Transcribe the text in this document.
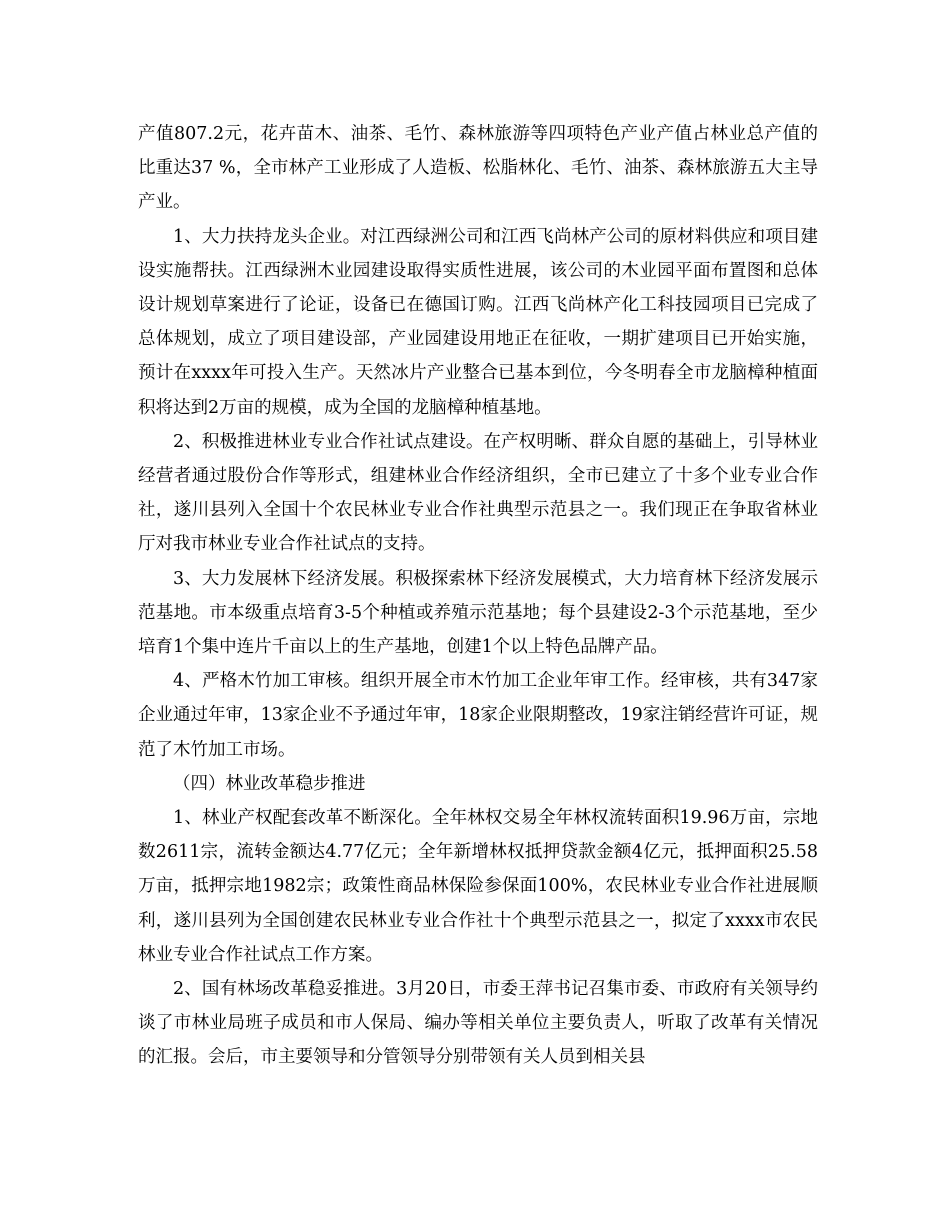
产值807.2元，花卉苗木、油茶、毛竹、森林旅游等四项特色产业产值占林业总产值的比重达37 %，全市林产工业形成了人造板、松脂林化、毛竹、油茶、森林旅游五大主导产业。

1、大力扶持龙头企业。对江西绿洲公司和江西飞尚林产公司的原材料供应和项目建设实施帮扶。江西绿洲木业园建设取得实质性进展，该公司的木业园平面布置图和总体设计规划草案进行了论证，设备已在德国订购。江西飞尚林产化工科技园项目已完成了总体规划，成立了项目建设部，产业园建设用地正在征收，一期扩建项目已开始实施，预计在xxxx年可投入生产。天然冰片产业整合已基本到位，今冬明春全市龙脑樟种植面积将达到2万亩的规模，成为全国的龙脑樟种植基地。

2、积极推进林业专业合作社试点建设。在产权明晰、群众自愿的基础上，引导林业经营者通过股份合作等形式，组建林业合作经济组织，全市已建立了十多个业专业合作社，遂川县列入全国十个农民林业专业合作社典型示范县之一。我们现正在争取省林业厅对我市林业专业合作社试点的支持。

3、大力发展林下经济发展。积极探索林下经济发展模式，大力培育林下经济发展示范基地。市本级重点培育3-5个种植或养殖示范基地；每个县建设2-3个示范基地，至少培育1个集中连片千亩以上的生产基地，创建1个以上特色品牌产品。

4、严格木竹加工审核。组织开展全市木竹加工企业年审工作。经审核，共有347家企业通过年审，13家企业不予通过年审，18家企业限期整改，19家注销经营许可证，规范了木竹加工市场。

（四）林业改革稳步推进

1、林业产权配套改革不断深化。全年林权交易全年林权流转面积19.96万亩，宗地数2611宗，流转金额达4.77亿元；全年新增林权抵押贷款金额4亿元，抵押面积25.58万亩，抵押宗地1982宗；政策性商品林保险参保面100%，农民林业专业合作社进展顺利，遂川县列为全国创建农民林业专业合作社十个典型示范县之一，拟定了xxxx市农民林业专业合作社试点工作方案。

2、国有林场改革稳妥推进。3月20日，市委王萍书记召集市委、市政府有关领导约谈了市林业局班子成员和市人保局、编办等相关单位主要负责人，听取了改革有关情况的汇报。会后，市主要领导和分管领导分别带领有关人员到相关县
